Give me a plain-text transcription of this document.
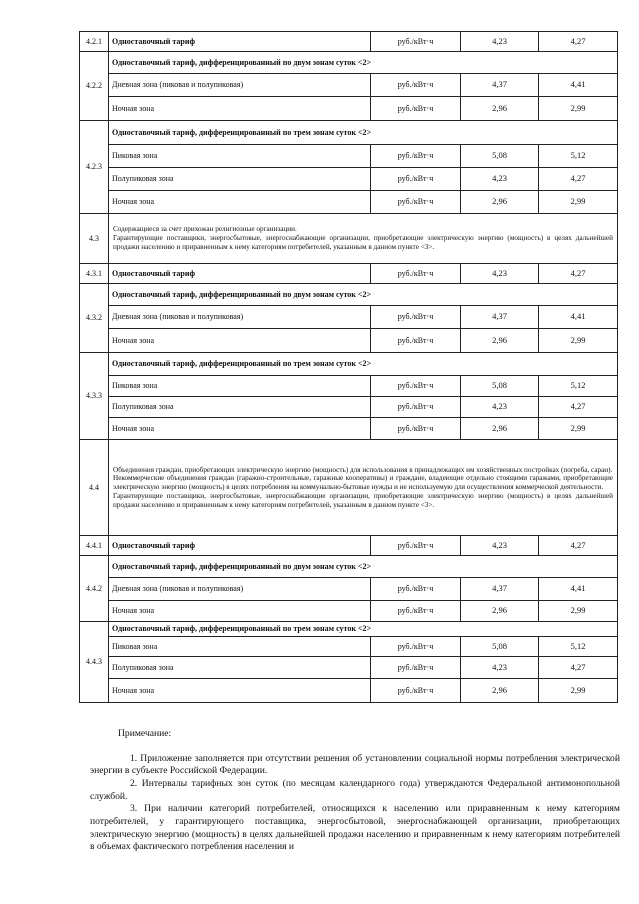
4.2.1	Одноставочный тариф	руб./кВт·ч	4,23	4,27
4.2.2	Одноставочный тариф, дифференцированный по двум зонам суток <2>			
	Дневная зона (пиковая и полупиковая)	руб./кВт·ч	4,37	4,41
	Ночная зона	руб./кВт·ч	2,96	2,99
4.2.3	Одноставочный тариф, дифференцированный по трем зонам суток <2>			
	Пиковая зона	руб./кВт·ч	5,08	5,12
	Полупиковая зона	руб./кВт·ч	4,23	4,27
	Ночная зона	руб./кВт·ч	2,96	2,99
4.3	Содержащиеся за счет прихожан религиозные организации.

Гарантирующие поставщики, энергосбытовые, энергоснабжающие организации, приобретающие электрическую энергию (мощность) в целях дальнейшей продажи населению и приравненным к нему категориям потребителей, указанным в данном пункте <3>.			

4.3.1	Одноставочный тариф	руб./кВт·ч	4,23	4,27
4.3.2	Одноставочный тариф, дифференцированный по двум зонам суток <2>			
	Дневная зона (пиковая и полупиковая)	руб./кВт·ч	4,37	4,41
	Ночная зона	руб./кВт·ч	2,96	2,99
4.3.3	Одноставочный тариф, дифференцированный по трем зонам суток <2>			
	Пиковая зона	руб./кВт·ч	5,08	5,12
	Полупиковая зона	руб./кВт·ч	4,23	4,27
	Ночная зона	руб./кВт·ч	2,96	2,99
4.4	Объединения граждан, приобретающих электрическую энергию (мощность) для использования в принадлежащих им хозяйственных постройках (погреба, сараи).

Некоммерческие объединения граждан (гаражно-строительные, гаражные кооперативы) и граждане, владеющие отдельно стоящими гаражами, приобретающие электрическую энергию (мощность) в целях потребления на коммунально-бытовые нужды и не используемую для осуществления коммерческой деятельности.

Гарантирующие поставщики, энергосбытовые, энергоснабжающие организации, приобретающие электрическую энергию (мощность) в целях дальнейшей продажи населению и приравненным к нему категориям потребителей, указанным в данном пункте <3>.			

4.4.1	Одноставочный тариф	руб./кВт·ч	4,23	4,27
4.4.2	Одноставочный тариф, дифференцированный по двум зонам суток <2>			
	Дневная зона (пиковая и полупиковая)	руб./кВт·ч	4,37	4,41
	Ночная зона	руб./кВт·ч	2,96	2,99
4.4.3	Одноставочный тариф, дифференцированный по трем зонам суток <2>			
	Пиковая зона	руб./кВт·ч	5,08	5,12
	Полупиковая зона	руб./кВт·ч	4,23	4,27
	Ночная зона	руб./кВт·ч	2,96	2,99
Примечание:

1. Приложение заполняется при отсутствии решения об установлении социальной нормы потребления электрической энергии в субъекте Российской Федерации.

2. Интервалы тарифных зон суток (по месяцам календарного года) утверждаются Федеральной антимонопольной службой.

3. При наличии категорий потребителей, относящихся к населению или приравненным к нему категориям потребителей, у гарантирующего поставщика, энергосбытовой, энергоснабжающей организации, приобретающих электрическую энергию (мощность) в целях дальнейшей продажи населению и приравненным к нему категориям потребителей в объемах фактического потребления населения и
